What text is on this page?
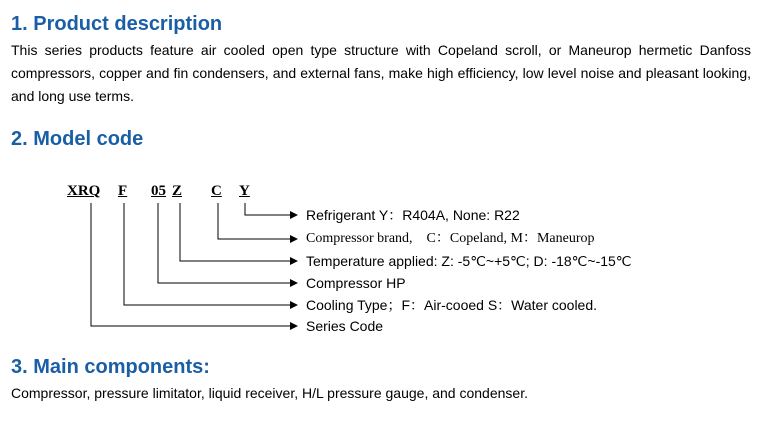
1. Product description

This series products feature air cooled open type structure with Copeland scroll, or Maneurop hermetic Danfoss compressors, copper and fin condensers, and external fans, make high efficiency, low level noise and pleasant looking, and long use terms.

2. Model code
XRQ F 05 Z C Y
Refrigerant Y：R404A, None: R22
Compressor brand,　C：Copeland, M：Maneurop
Temperature applied: Z: -5℃~+5℃; D: -18℃~-15℃
Compressor HP
Cooling Type；F：Air-cooed S：Water cooled.
Series Code
3. Main components:

Compressor, pressure limitator, liquid receiver, H/L pressure gauge, and condenser.
